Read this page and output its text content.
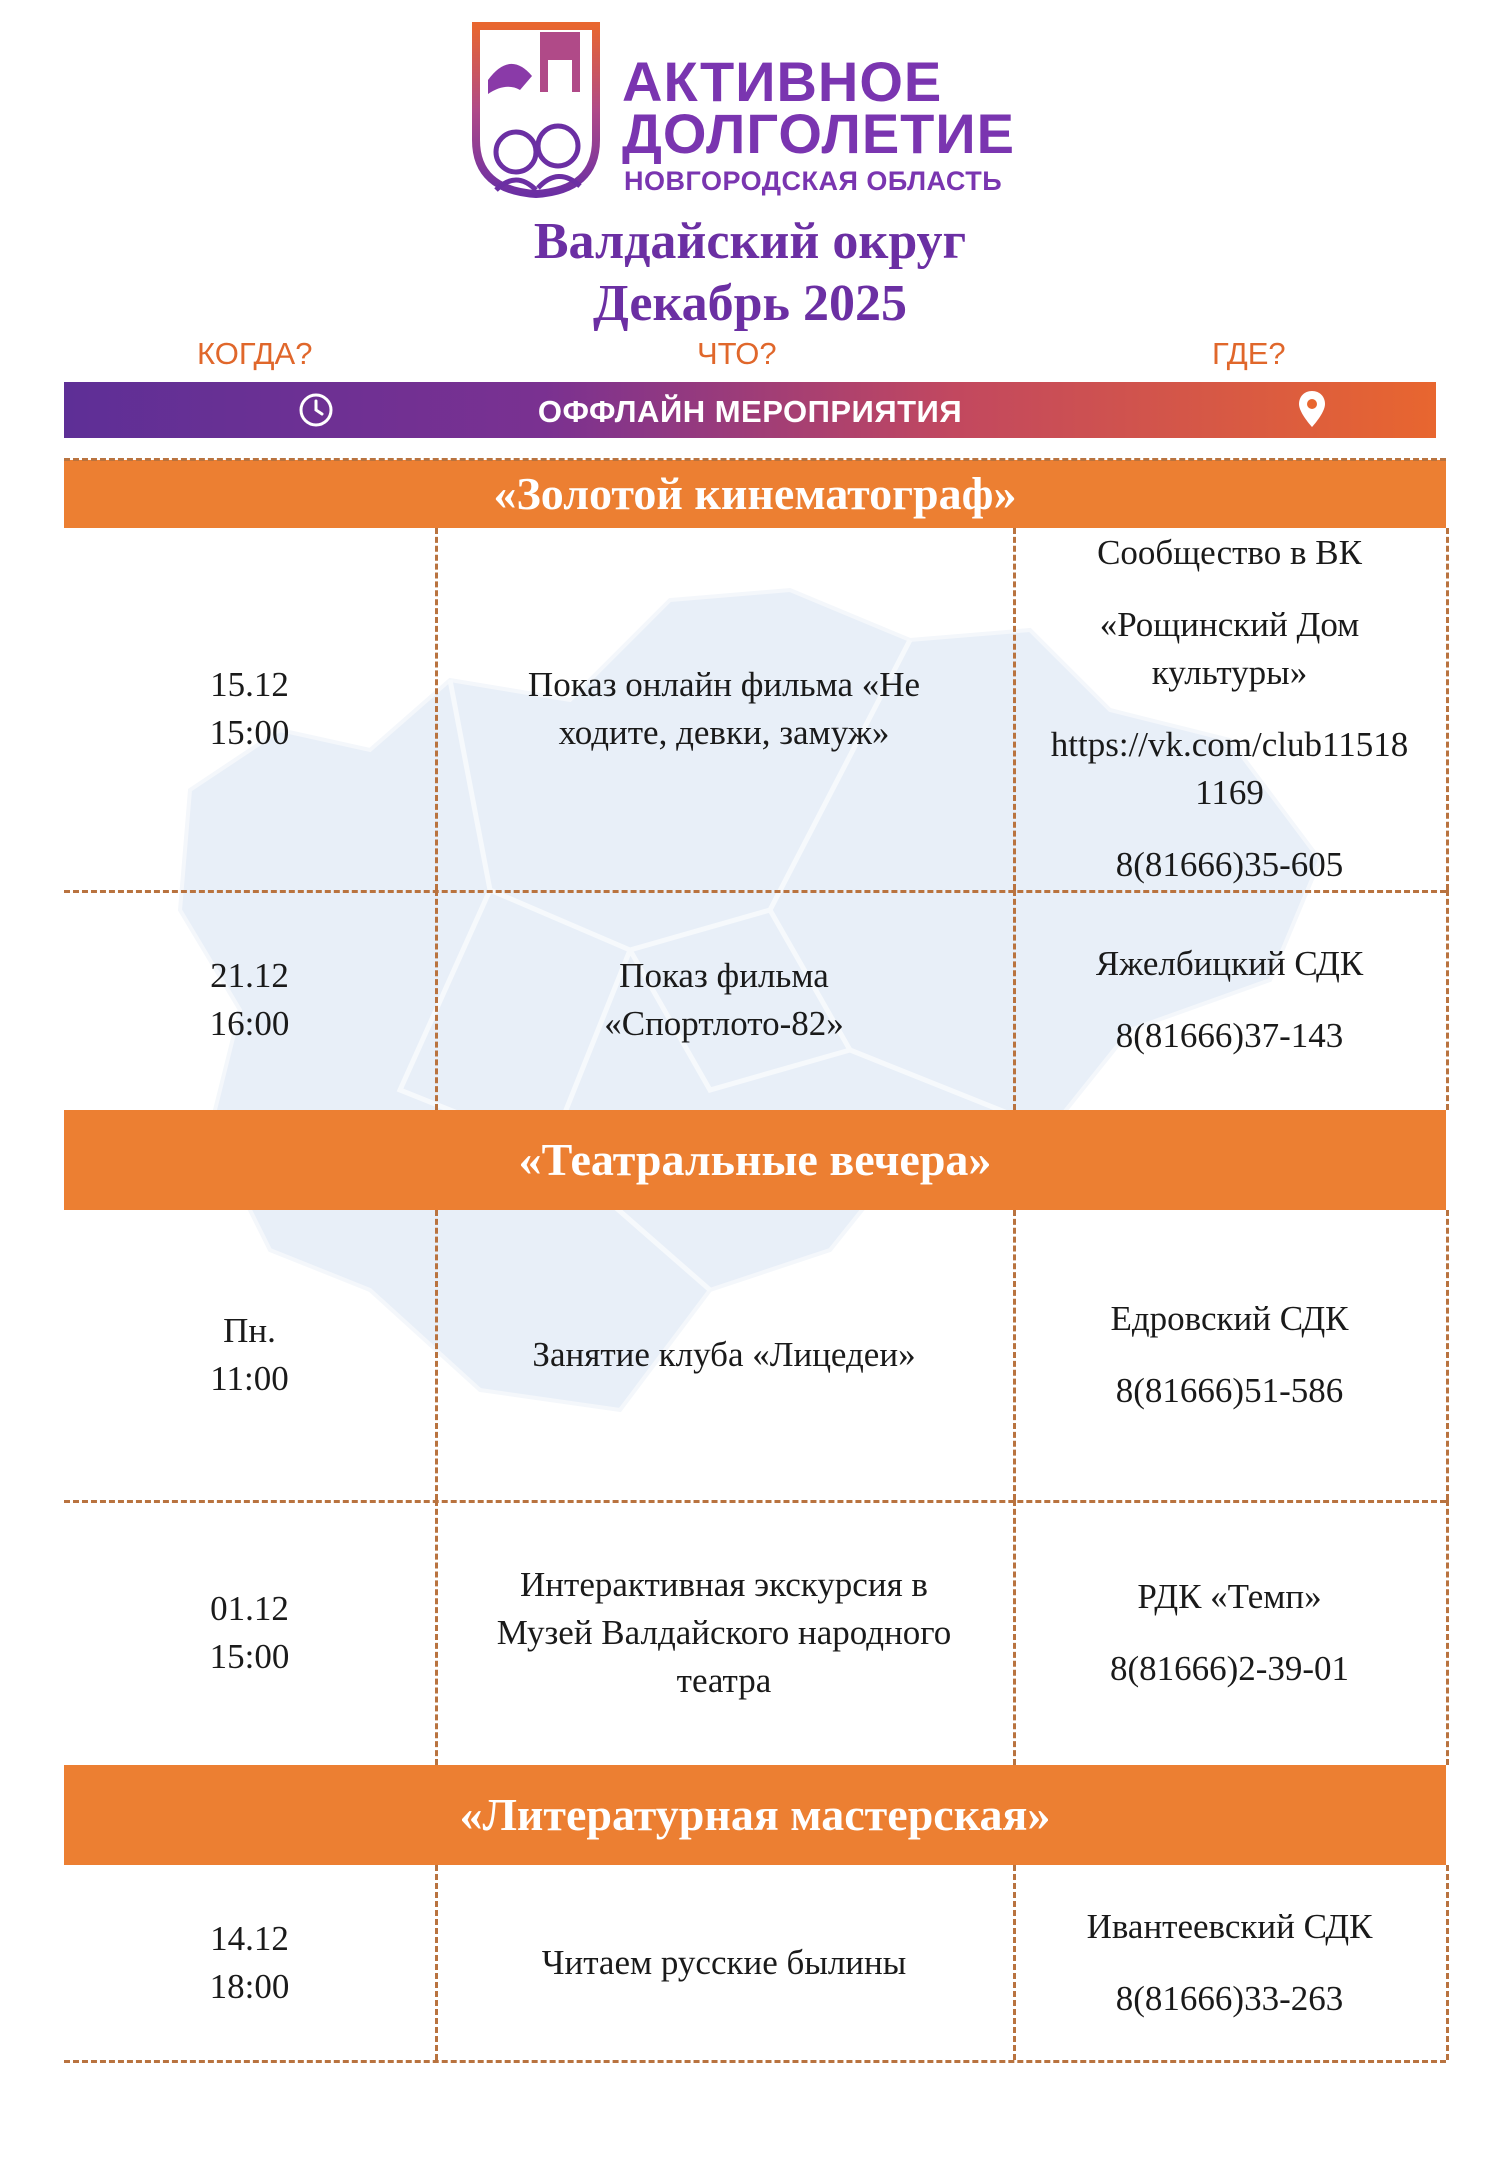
АКТИВНОЕ
ДОЛГОЛЕТИЕ
НОВГОРОДСКАЯ ОБЛАСТЬ
Валдайский округ
Декабрь 2025
КОГДА?	ЧТО?	ГДЕ?
ОФФЛАЙН МЕРОПРИЯТИЯ
«Золотой кинематограф»
15.12
15:00
Показ онлайн фильма «Не
ходите, девки, замуж»
Сообщество в ВК
«Рощинский Дом
культуры»
https://vk.com/club11518
1169
8(81666)35-605
21.12
16:00
Показ фильма
«Спортлото-82»
Яжелбицкий СДК
8(81666)37-143
«Театральные вечера»
Пн.
11:00
Занятие клуба «Лицедеи»
Едровский СДК
8(81666)51-586
01.12
15:00
Интерактивная экскурсия в
Музей Валдайского народного
театра
РДК «Темп»
8(81666)2-39-01
«Литературная мастерская»
14.12
18:00
Читаем русские былины
Ивантеевский СДК
8(81666)33-263
